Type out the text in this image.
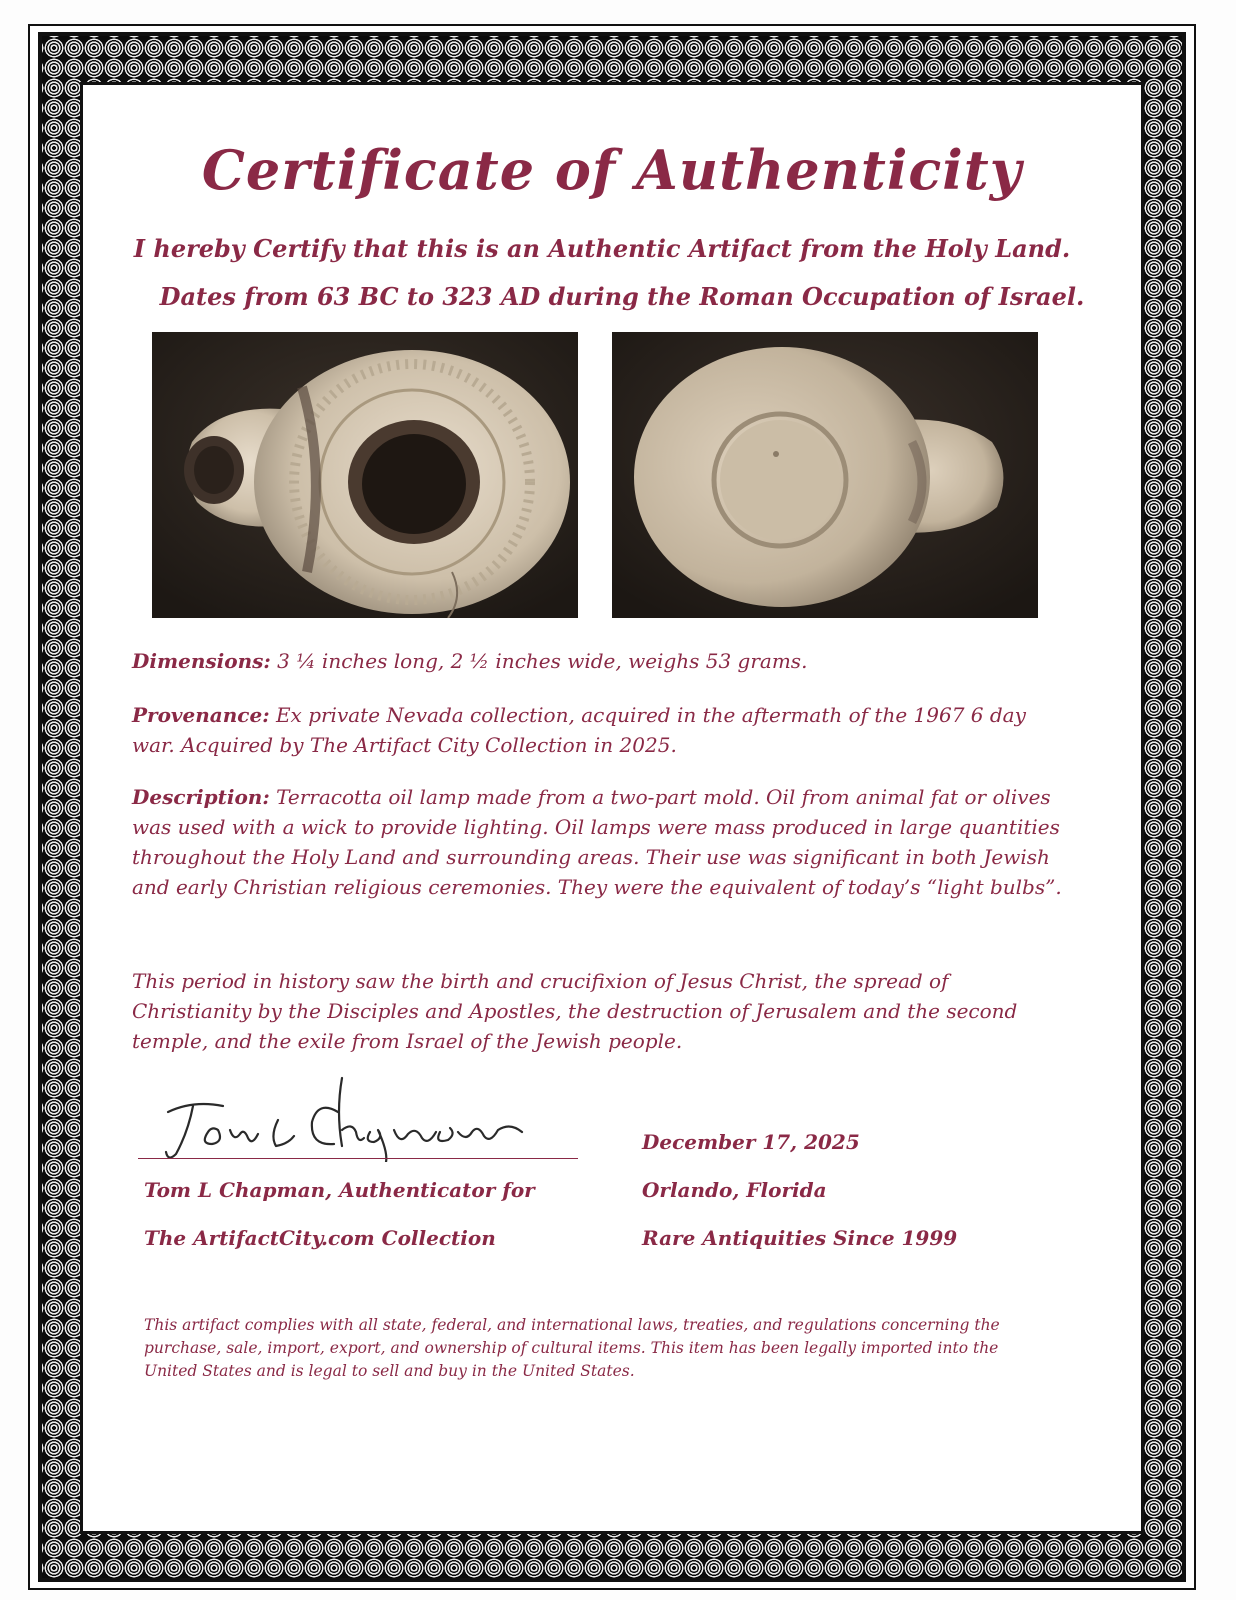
Certificate of Authenticity
I hereby Certify that this is an Authentic Artifact from the Holy Land.
Dates from 63 BC to 323 AD during the Roman Occupation of Israel.
Dimensions: 3 ¼ inches long, 2 ½ inches wide, weighs 53 grams.
Provenance: Ex private Nevada collection, acquired in the aftermath of the 1967 6 day war. Acquired by The Artifact City Collection in 2025.
Description: Terracotta oil lamp made from a two-part mold. Oil from animal fat or olives was used with a wick to provide lighting. Oil lamps were mass produced in large quantities throughout the Holy Land and surrounding areas. Their use was significant in both Jewish and early Christian religious ceremonies. They were the equivalent of today’s “light bulbs”.
This period in history saw the birth and crucifixion of Jesus Christ, the spread of Christianity by the Disciples and Apostles, the destruction of Jerusalem and the second temple, and the exile from Israel of the Jewish people.
Tom L Chapman, Authenticator for
The ArtifactCity.com Collection
December 17, 2025
Orlando, Florida
Rare Antiquities Since 1999
This artifact complies with all state, federal, and international laws, treaties, and regulations concerning the purchase, sale, import, export, and ownership of cultural items. This item has been legally imported into the United States and is legal to sell and buy in the United States.
